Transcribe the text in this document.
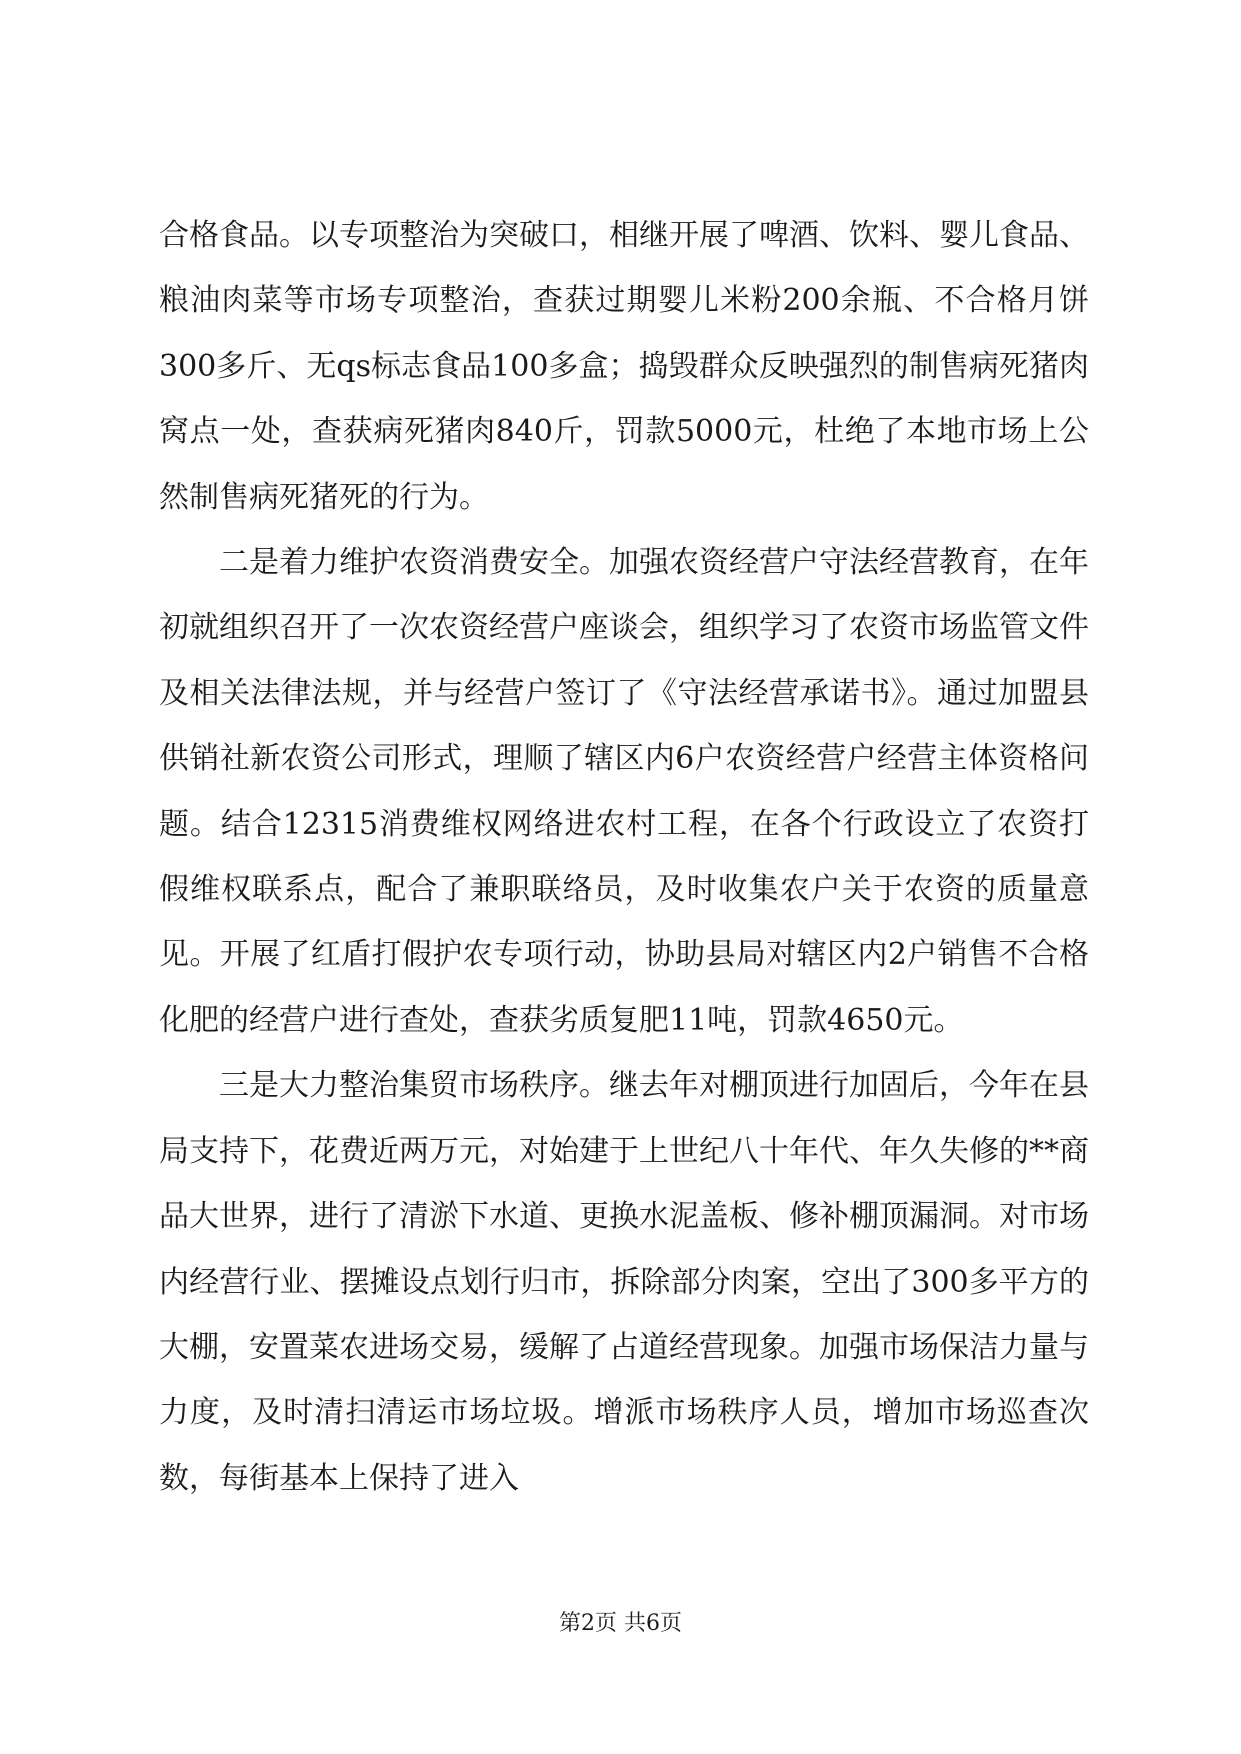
合格食品。以专项整治为突破口，相继开展了啤酒、饮料、婴儿食品、粮油肉菜等市场专项整治，查获过期婴儿米粉200余瓶、不合格月饼300多斤、无qs标志食品100多盒；捣毁群众反映强烈的制售病死猪肉窝点一处，查获病死猪肉840斤，罚款5000元，杜绝了本地市场上公然制售病死猪死的行为。

二是着力维护农资消费安全。加强农资经营户守法经营教育，在年初就组织召开了一次农资经营户座谈会，组织学习了农资市场监管文件及相关法律法规，并与经营户签订了《守法经营承诺书》。通过加盟县供销社新农资公司形式，理顺了辖区内6户农资经营户经营主体资格问题。结合12315消费维权网络进农村工程，在各个行政设立了农资打假维权联系点，配合了兼职联络员，及时收集农户关于农资的质量意见。开展了红盾打假护农专项行动，协助县局对辖区内2户销售不合格化肥的经营户进行查处，查获劣质复肥11吨，罚款4650元。

三是大力整治集贸市场秩序。继去年对棚顶进行加固后，今年在县局支持下，花费近两万元，对始建于上世纪八十年代、年久失修的**商品大世界，进行了清淤下水道、更换水泥盖板、修补棚顶漏洞。对市场内经营行业、摆摊设点划行归市，拆除部分肉案，空出了300多平方的大棚，安置菜农进场交易，缓解了占道经营现象。加强市场保洁力量与力度，及时清扫清运市场垃圾。增派市场秩序人员，增加市场巡查次数，每街基本上保持了进入

第2页 共6页
